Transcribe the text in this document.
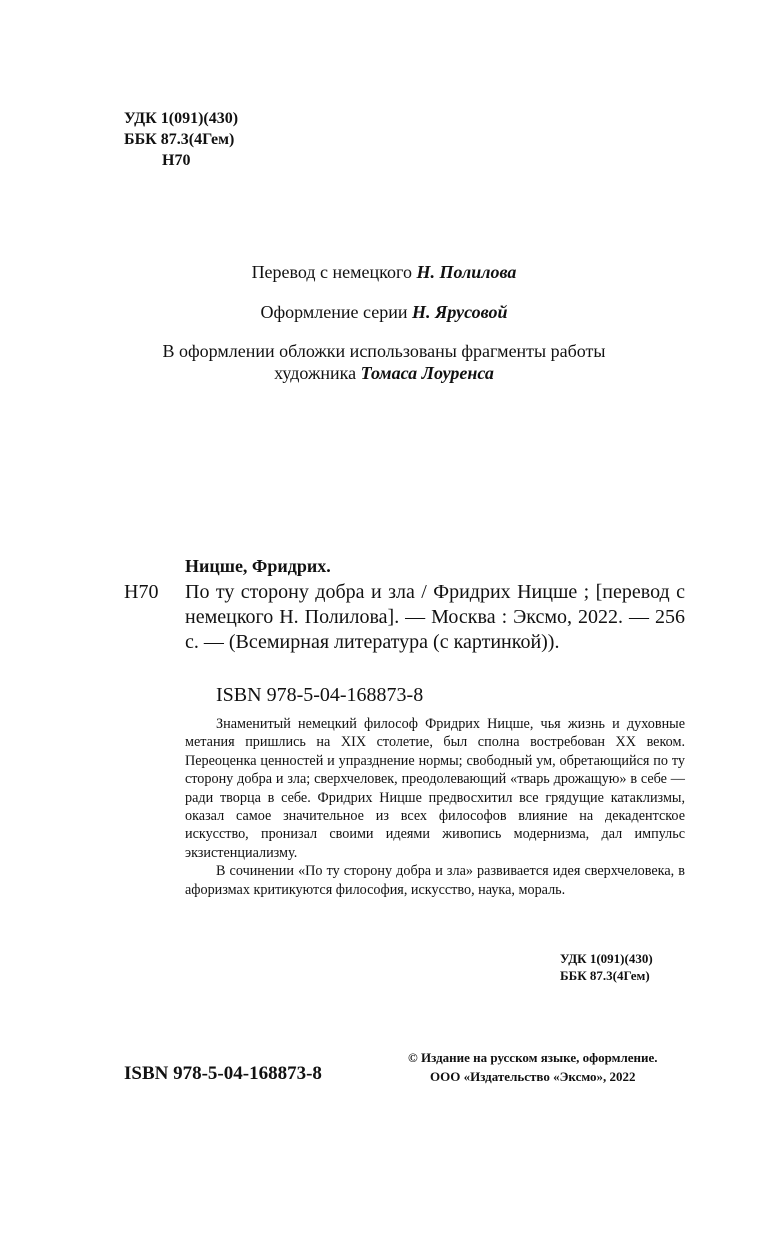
УДК 1(091)(430)
ББК 87.3(4Гем)
Н70
Перевод с немецкого Н. Полилова
Оформление серии Н. Ярусовой
В оформлении обложки использованы фрагменты работы
художника Томаса Лоуренса
Ницше, Фридрих.
Н70 По ту сторону добра и зла / Фридрих Ницше ; [перевод с немецкого Н. Полилова]. — Москва : Эксмо, 2022. — 256 с. — (Всемирная литература (с картинкой)).
ISBN 978-5-04-168873-8

Знаменитый немецкий философ Фридрих Ницше, чья жизнь и духовные метания пришлись на XIX столетие, был сполна востребован XX веком. Переоценка ценностей и упразднение нормы; свободный ум, обретающийся по ту сторону добра и зла; сверхчеловек, преодолевающий «тварь дрожащую» в себе — ради творца в себе. Фридрих Ницше предвосхитил все грядущие катаклизмы, оказал самое значительное из всех философов влияние на декадентское искусство, пронизал своими идеями живопись модернизма, дал импульс экзистенциализму.

В сочинении «По ту сторону добра и зла» развивается идея сверхчеловека, в афоризмах критикуются философия, искусство, наука, мораль.

УДК 1(091)(430)
ББК 87.3(4Гем)
ISBN 978-5-04-168873-8
© Издание на русском языке, оформление.
ООО «Издательство «Эксмо», 2022
